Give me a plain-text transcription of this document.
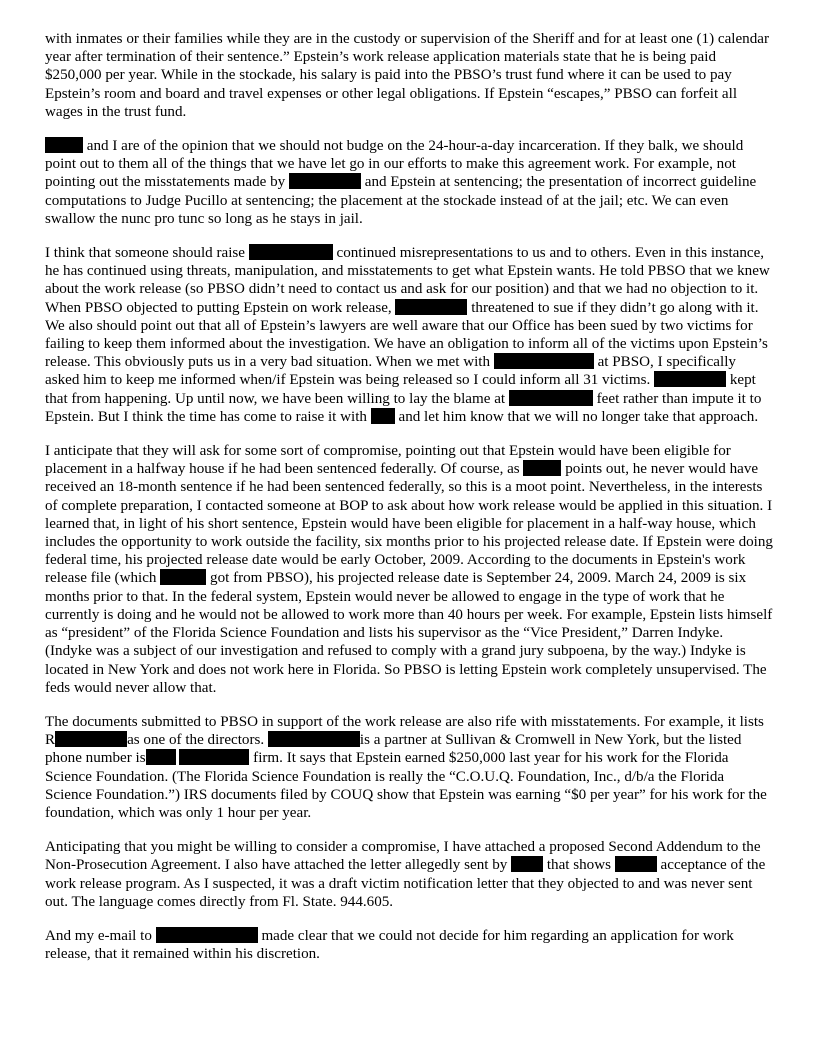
with inmates or their families while they are in the custody or supervision of the Sheriff and for at least one (1) calendar year after termination of their sentence.” Epstein’s work release application materials state that he is being paid $250,000 per year. While in the stockade, his salary is paid into the PBSO’s trust fund where it can be used to pay Epstein’s room and board and travel expenses or other legal obligations. If Epstein “escapes,” PBSO can forfeit all wages in the trust fund.

and I are of the opinion that we should not budge on the 24-hour-a-day incarceration. If they balk, we should point out to them all of the things that we have let go in our efforts to make this agreement work. For example, not pointing out the misstatements made by	and Epstein at sentencing; the presentation of incorrect guideline computations to Judge Pucillo at sentencing; the placement at the stockade instead of at the jail; etc. We can even swallow the nunc pro tunc so long as he stays in jail.

I think that someone should raise	continued misrepresentations to us and to others. Even in this instance, he has continued using threats, manipulation, and misstatements to get what Epstein wants. He told PBSO that we knew about the work release (so PBSO didn’t need to contact us and ask for our position) and that we had no objection to it. When PBSO objected to putting Epstein on work release,	threatened to sue if they didn’t go along with it. We also should point out that all of Epstein’s lawyers are well aware that our Office has been sued by two victims for failing to keep them informed about the investigation. We have an obligation to inform all of the victims upon Epstein’s release. This obviously puts us in a very bad situation. When we met with	at PBSO, I specifically asked him to keep me informed when/if Epstein was being released so I could inform all 31 victims.	kept that from happening. Up until now, we have been willing to lay the blame at	feet rather than impute it to Epstein. But I think the time has come to raise it with  and let him know that we will no longer take that approach.

I anticipate that they will ask for some sort of compromise, pointing out that Epstein would have been eligible for placement in a halfway house if he had been sentenced federally. Of course, as	points out, he never would have received an 18-month sentence if he had been sentenced federally, so this is a moot point. Nevertheless, in the interests of complete preparation, I contacted someone at BOP to ask about how work release would be applied in this situation. I learned that, in light of his short sentence, Epstein would have been eligible for placement in a half-way house, which includes the opportunity to work outside the facility, six months prior to his projected release date. If Epstein were doing federal time, his projected release date would be early October, 2009. According to the documents in Epstein's work release file (which	got from PBSO), his projected release date is September 24, 2009. March 24, 2009 is six months prior to that. In the federal system, Epstein would never be allowed to engage in the type of work that he currently is doing and he would not be allowed to work more than 40 hours per week. For example, Epstein lists himself as “president” of the Florida Science Foundation and lists his supervisor as the “Vice President,” Darren Indyke. (Indyke was a subject of our investigation and refused to comply with a grand jury subpoena, by the way.) Indyke is located in New York and does not work here in Florida. So PBSO is letting Epstein work completely unsupervised. The feds would never allow that.

The documents submitted to PBSO in support of the work release are also rife with misstatements. For example, it lists R	as one of the directors.	is a partner at Sullivan & Cromwell in New York, but the listed phone number is	firm. It says that Epstein earned $250,000 last year for his work for the Florida Science Foundation. (The Florida Science Foundation is really the “C.O.U.Q. Foundation, Inc., d/b/a the Florida Science Foundation.”) IRS documents filed by COUQ show that Epstein was earning “$0 per year” for his work for the foundation, which was only 1 hour per year.

Anticipating that you might be willing to consider a compromise, I have attached a proposed Second Addendum to the Non-Prosecution Agreement. I also have attached the letter allegedly sent by  that shows	acceptance of the work release program. As I suspected, it was a draft victim notification letter that they objected to and was never sent out. The language comes directly from Fl. State. 944.605.

And my e-mail to	made clear that we could not decide for him regarding an application for work release, that it remained within his discretion.
